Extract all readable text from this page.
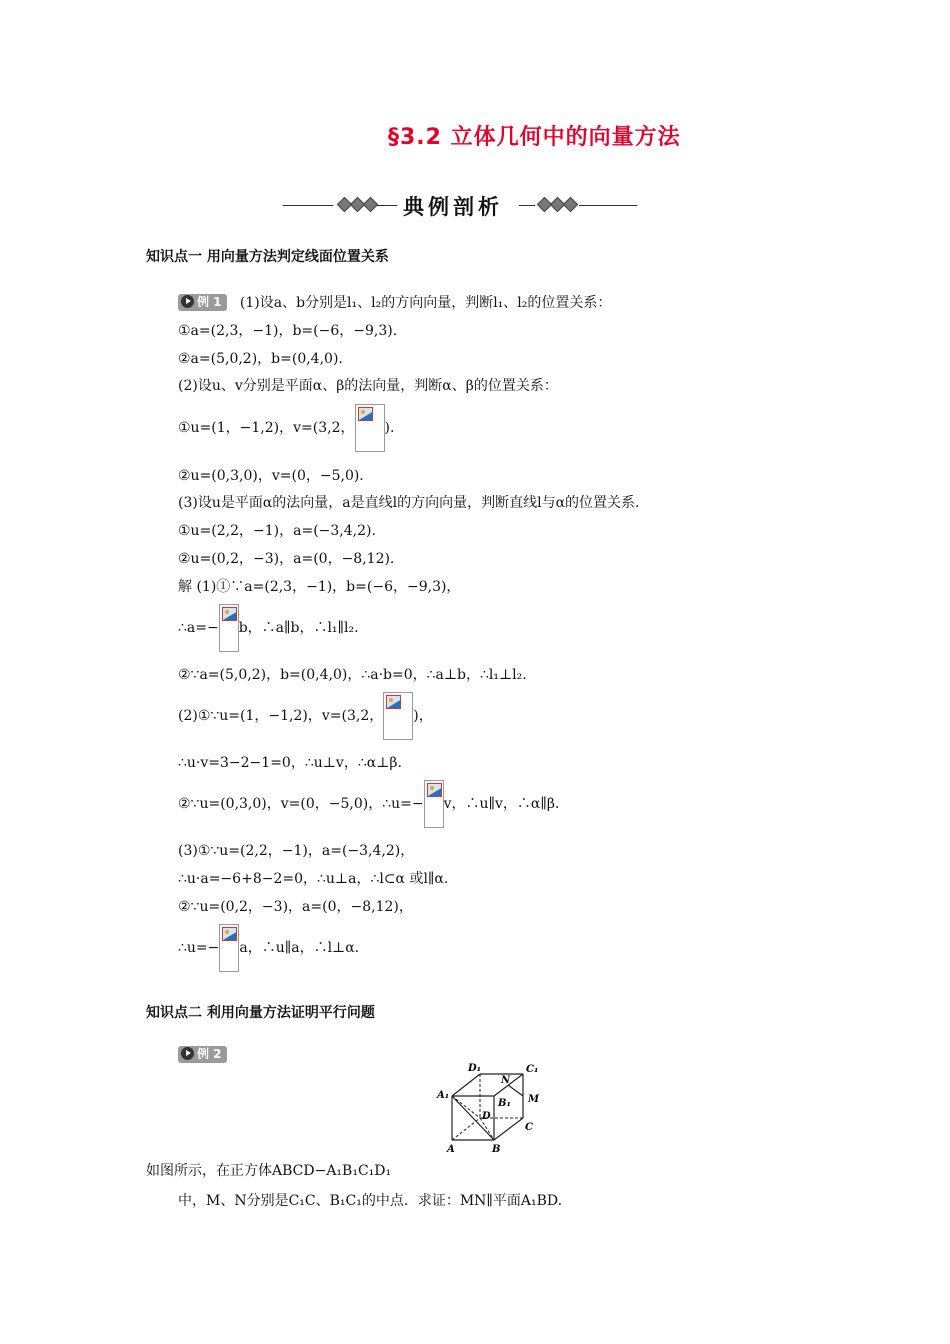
§3.2 立体几何中的向量方法
典例剖析
知识点一 用向量方法判定线面位置关系
例 1 (1)设a、b分别是l₁、l₂的方向向量，判断l₁、l₂的位置关系：
①a=(2,3，−1)，b=(−6，−9,3).
②a=(5,0,2)，b=(0,4,0).
(2)设u、v分别是平面α、β的法向量，判断α、β的位置关系：
①u=(1，−1,2)，v=(3,2， ).
②u=(0,3,0)，v=(0，−5,0).
(3)设u是平面α的法向量，a是直线l的方向向量，判断直线l与α的位置关系.
①u=(2,2，−1)，a=(−3,4,2).
②u=(0,2，−3)，a=(0，−8,12).
解 (1)①∵a=(2,3，−1)，b=(−6，−9,3)，
∴a=− b，∴a∥b，∴l₁∥l₂.
②∵a=(5,0,2)，b=(0,4,0)，∴a·b=0，∴a⊥b，∴l₁⊥l₂.
(2)①∵u=(1，−1,2)，v=(3,2， )，
∴u·v=3−2−1=0，∴u⊥v，∴α⊥β.
②∵u=(0,3,0)，v=(0，−5,0)，∴u=− v，∴u∥v，∴α∥β.
(3)①∵u=(2,2，−1)，a=(−3,4,2)，
∴u·a=−6+8−2=0，∴u⊥a，∴l⊂α 或l∥α.
②∵u=(0,2，−3)，a=(0，−8,12)，
∴u=− a，∴u∥a，∴l⊥α.
知识点二 利用向量方法证明平行问题
例 2
D₁	C₁
N
A₁
B₁ M
D
C
A	B
如图所示，在正方体ABCD−A₁B₁C₁D₁
中，M、N分别是C₁C、B₁C₁的中点．求证：MN∥平面A₁BD.
